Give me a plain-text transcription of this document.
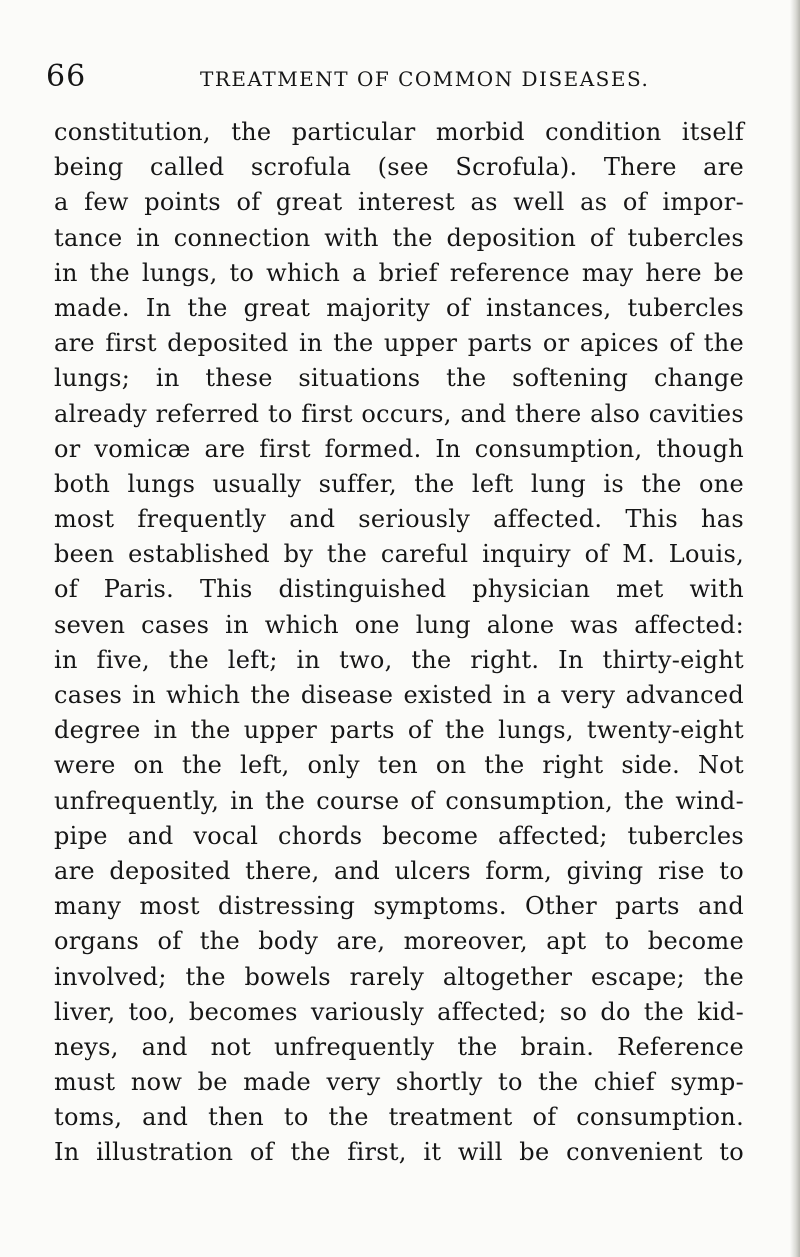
66	TREATMENT OF COMMON DISEASES.
constitution, the particular morbid condition itself
being called scrofula (see Scrofula). There are
a few points of great interest as well as of impor-
tance in connection with the deposition of tubercles
in the lungs, to which a brief reference may here be
made. In the great majority of instances, tubercles
are first deposited in the upper parts or apices of the
lungs; in these situations the softening change
already referred to first occurs, and there also cavities
or vomicæ are first formed. In consumption, though
both lungs usually suffer, the left lung is the one
most frequently and seriously affected. This has
been established by the careful inquiry of M. Louis,
of Paris. This distinguished physician met with
seven cases in which one lung alone was affected:
in five, the left; in two, the right. In thirty-eight
cases in which the disease existed in a very advanced
degree in the upper parts of the lungs, twenty-eight
were on the left, only ten on the right side. Not
unfrequently, in the course of consumption, the wind-
pipe and vocal chords become affected; tubercles
are deposited there, and ulcers form, giving rise to
many most distressing symptoms. Other parts and
organs of the body are, moreover, apt to become
involved; the bowels rarely altogether escape; the
liver, too, becomes variously affected; so do the kid-
neys, and not unfrequently the brain. Reference
must now be made very shortly to the chief symp-
toms, and then to the treatment of consumption.
In illustration of the first, it will be convenient to
